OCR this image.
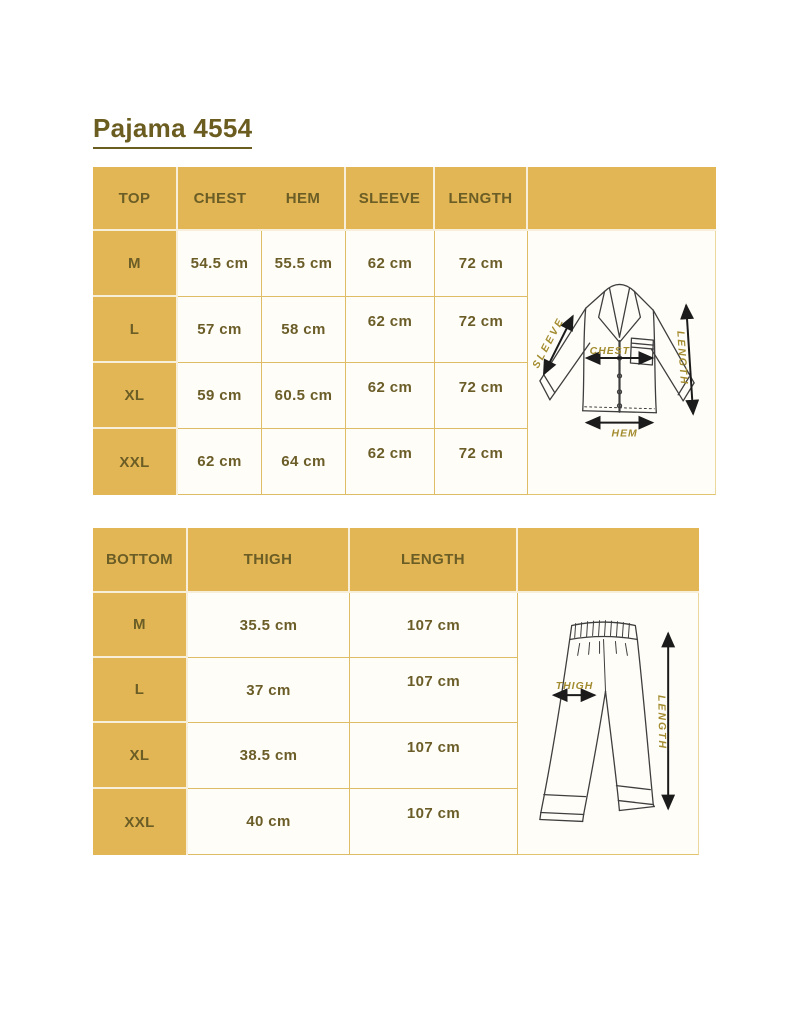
Pajama 4554
TOP	CHEST	HEM	SLEEVE	LENGTH
M	54.5 cm	55.5 cm	62 cm	72 cm
L	57 cm	58 cm	62 cm	72 cm
XL	59 cm	60.5 cm	62 cm	72 cm
XXL	62 cm	64 cm	62 cm	72 cm
SLEEVE CHEST	LENGTH
HEM
BOTTOM	THIGH	LENGTH
M	35.5 cm	107 cm
L	37 cm	107 cm
XL	38.5 cm	107 cm
XXL	40 cm	107 cm
THIGH
LENGTH
